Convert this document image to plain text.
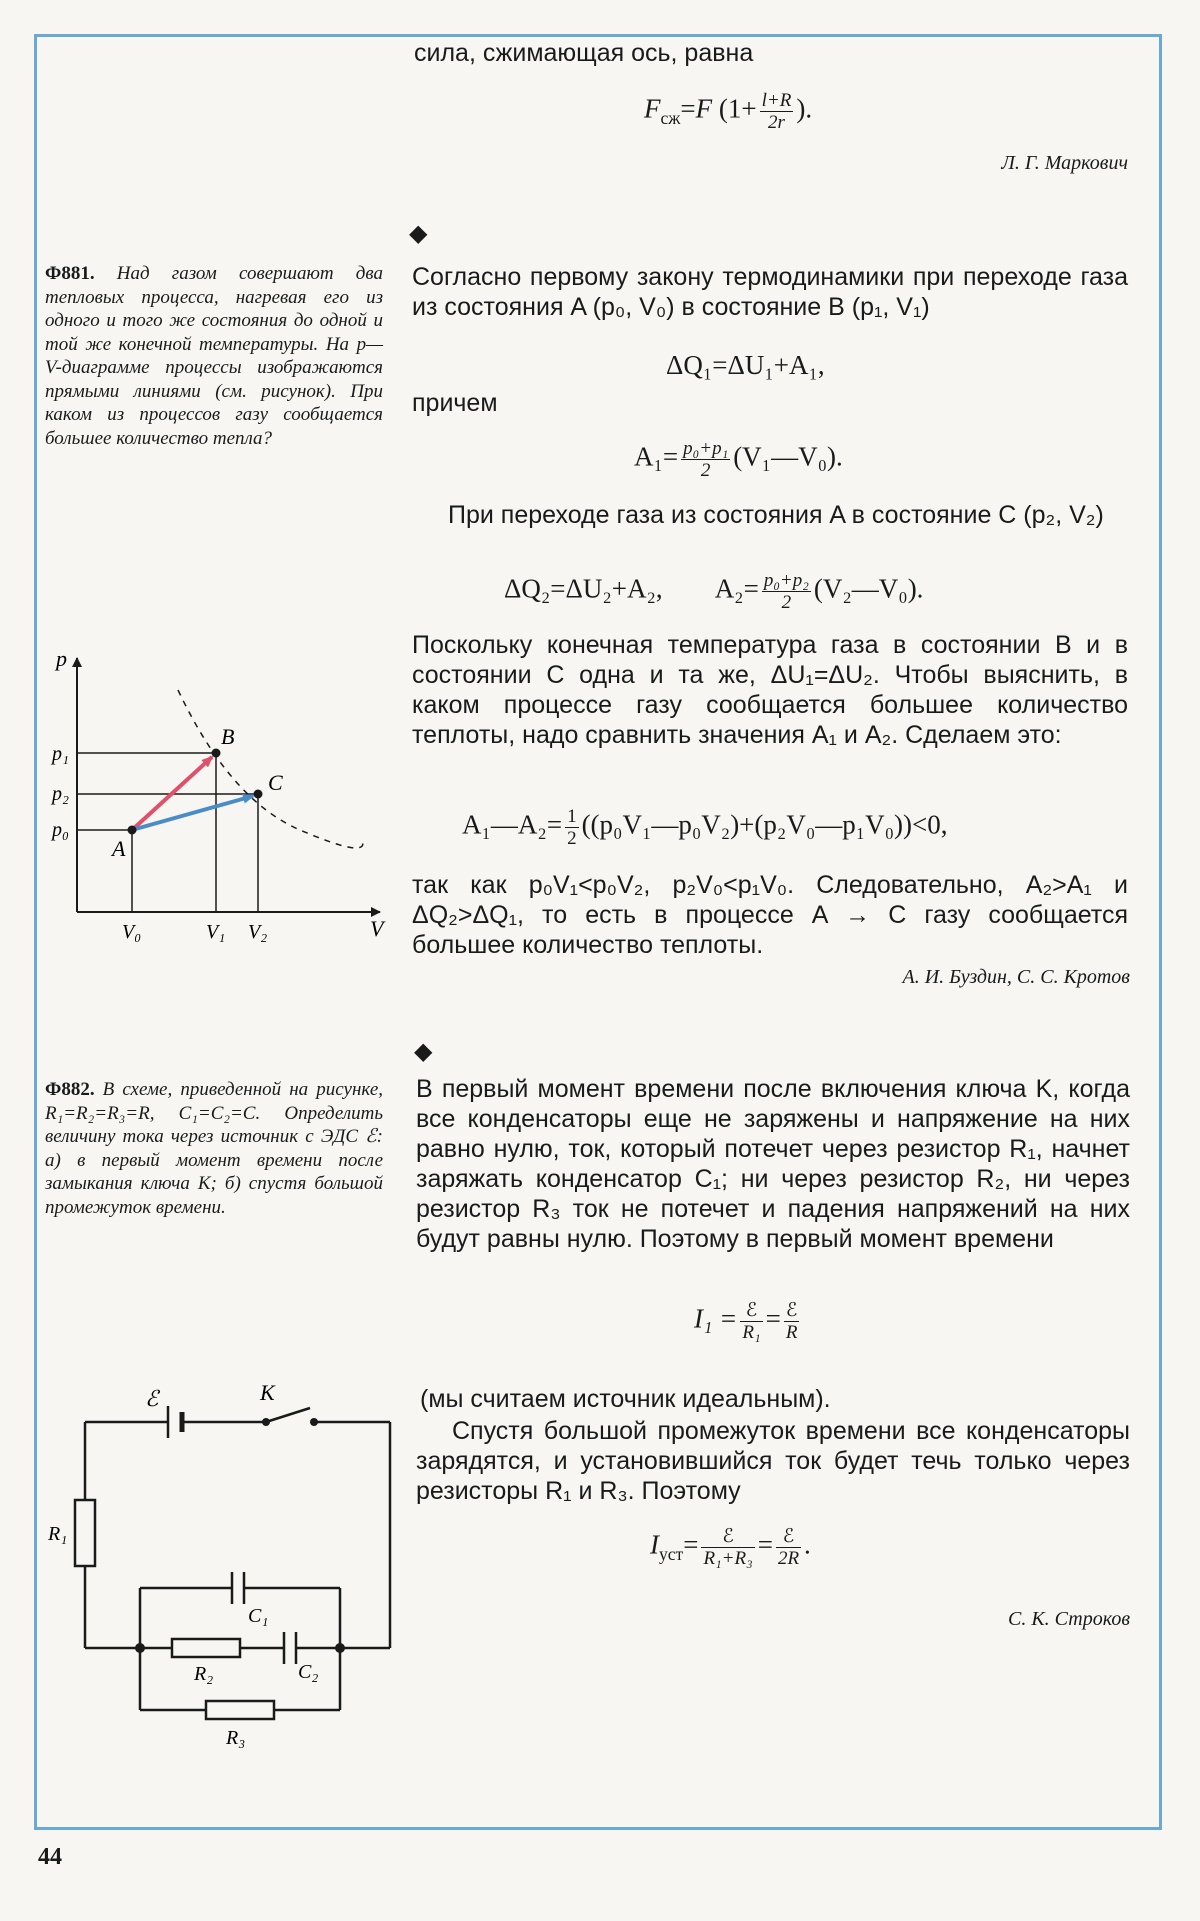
сила, сжимающая ось, равна
$F_{сж}=F$ ($1+ \frac{l+R}{2r}$ ).
Л. Г. Маркович
◆
Ф881. Над газом совершают два тепловых процесса, нагревая его из одного и того же состояния до одной и той же конечной температуры. На p—V-диаграмме процессы изображаются прямыми линиями (см. рисунок). При каком из процессов газу сообщается большее количество тепла?
Согласно первому закону термодинамики при переходе газа из состояния A (p₀, V₀) в состояние B (p₁, V₁)
ΔQ₁=ΔU₁+A₁,
причем
$A_1= \frac{\text{p₀+p₁}}{2}$ (V₁—V₀).
При переходе газа из состояния A в состояние C (p₂, V₂)
ΔQ₂=ΔU₂+A₂, $A_2= \frac{\text{p₀+p₂}}{2}$ (V₂—V₀).
Поскольку конечная температура газа в состоянии B и в состоянии C одна и та же, ΔU₁=ΔU₂. Чтобы выяснить, в каком процессе газу сообщается большее количество теплоты, надо сравнить значения A₁ и A₂. Сделаем это:
A₁—A₂= $\frac{1}{2}$ ((p₀V₁—p₀V₂)+(p₂V₀—p₁V₀))<0,
так как p₀V₁<p₀V₂, p₂V₀<p₁V₀. Следовательно, A₂>A₁ и ΔQ₂>ΔQ₁, то есть в процессе A → C газу сообщается большее количество теплоты.
А. И. Буздин, С. С. Кротов
p
V
p₁
p₂
p₀
V₀	V₁ V₂
A
B
C
◆
Ф882. В схеме, приведенной на рисунке, R₁=R₂=R₃=R, C₁=C₂=C. Определить величину тока через источник с ЭДС ℰ: а) в первый момент времени после замыкания ключа K; б) спустя большой промежуток времени.
В первый момент времени после включения ключа K, когда все конденсаторы еще не заряжены и напряжение на них равно нулю, ток, который потечет через резистор R₁, начнет заряжать конденсатор C₁; ни через резистор R₂, ни через резистор R₃ ток не потечет и падения напряжений на них будут равны нулю. Поэтому в первый момент времени
$I_1 = \frac{\text{ℰ}}{\text{R₁}} = \frac{\text{ℰ}}{R}$
(мы считаем источник идеальным).
Спустя большой промежуток времени все конденсаторы зарядятся, и установившийся ток будет течь только через резисторы R₁ и R₃. Поэтому
$I_{уст}= \frac{\text{ℰ}}{\text{R₁+R₃}} = \frac{\text{ℰ}}{2R}$ .
С. К. Строков
ℰ	K
R₁
C₁
R₂	C₂
R₃
44
